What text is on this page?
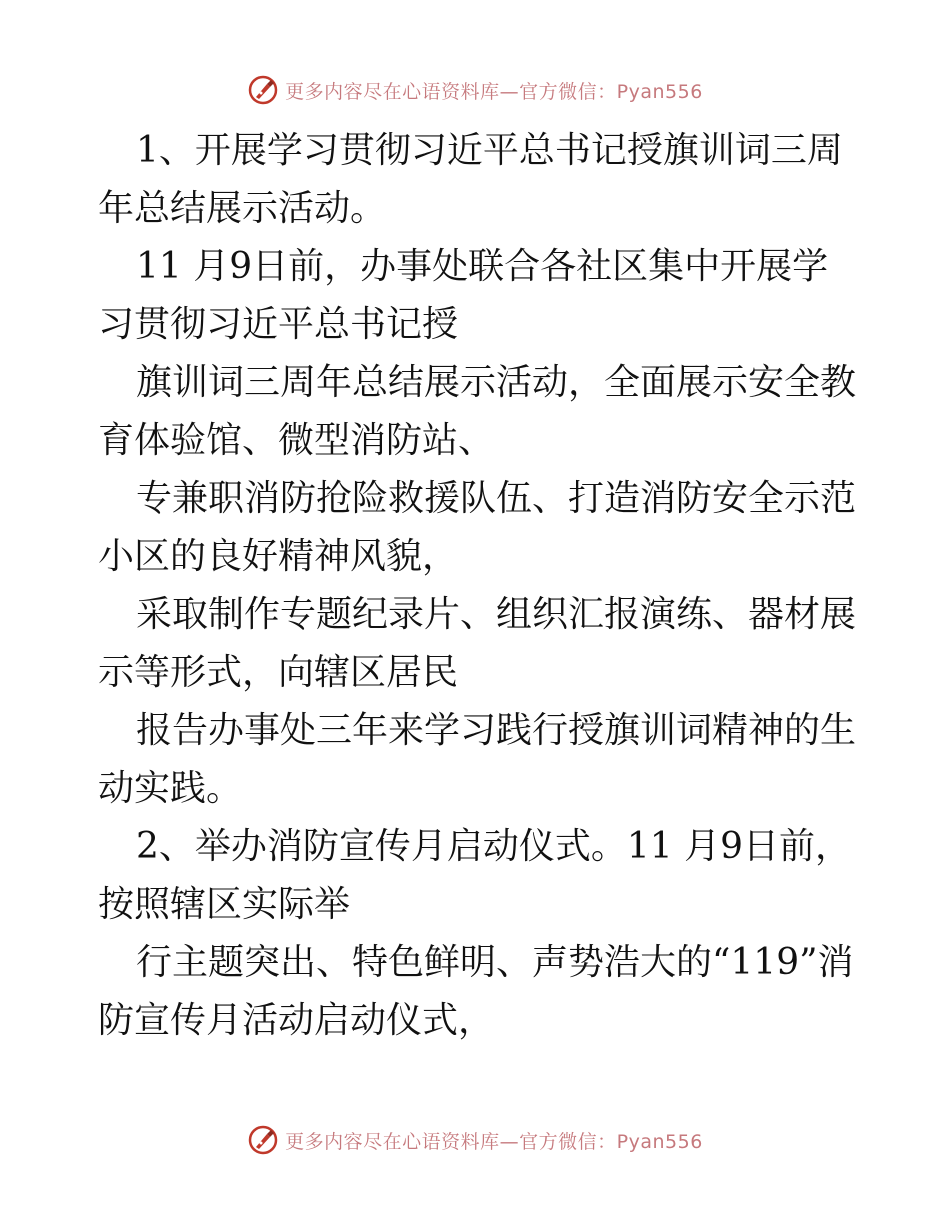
更多内容尽在心语资料库—官方微信：Pyan556

1、开展学习贯彻习近平总书记授旗训词三周年总结展示活动。

11 月9日前，办事处联合各社区集中开展学习贯彻习近平总书记授

旗训词三周年总结展示活动，全面展示安全教育体验馆、微型消防站、

专兼职消防抢险救援队伍、打造消防安全示范小区的良好精神风貌，

采取制作专题纪录片、组织汇报演练、器材展示等形式，向辖区居民

报告办事处三年来学习践行授旗训词精神的生动实践。

2、举办消防宣传月启动仪式。11 月9日前，按照辖区实际举

行主题突出、特色鲜明、声势浩大的“119”消防宣传月活动启动仪式，

更多内容尽在心语资料库—官方微信：Pyan556
